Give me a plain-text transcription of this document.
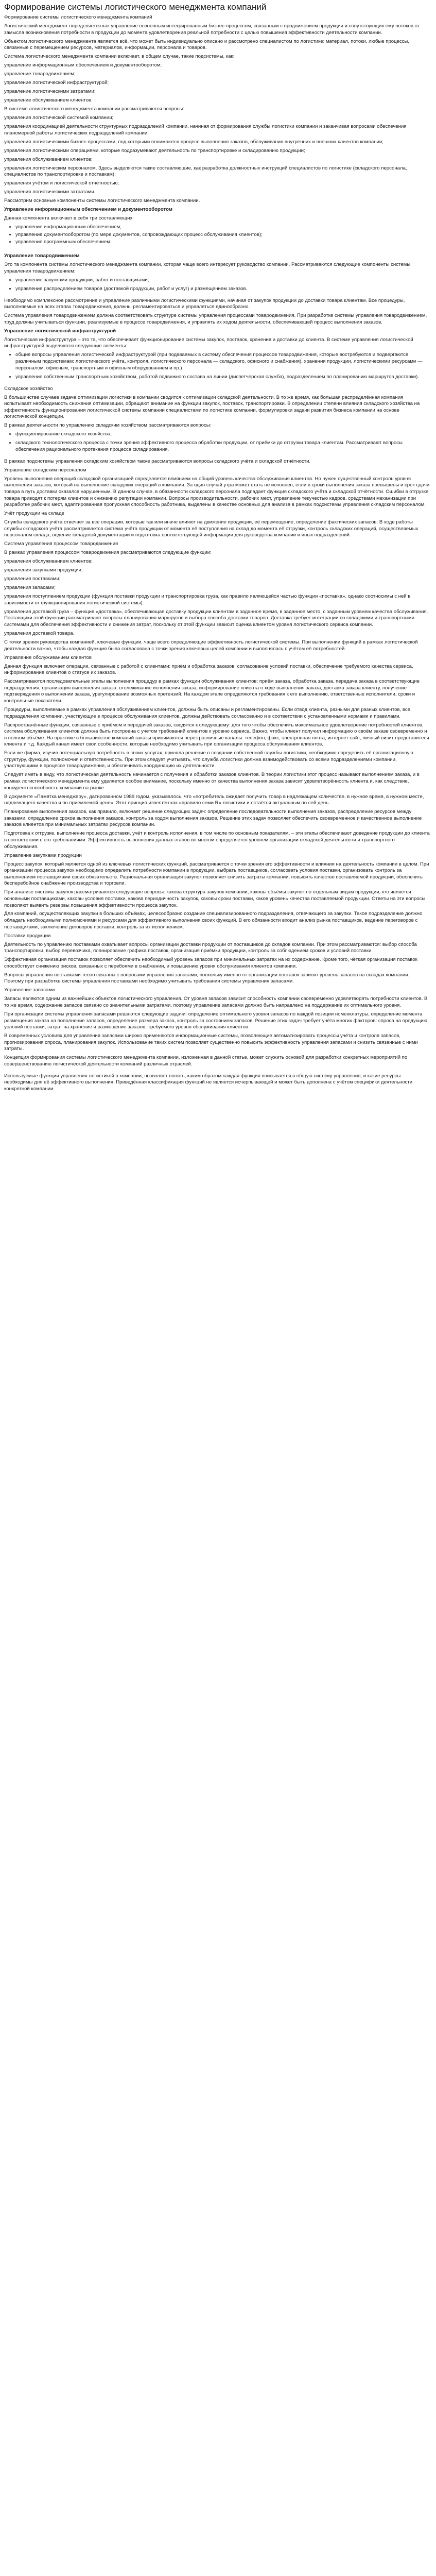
Формирование системы логистического менеджмента компаний

Формирование системы логистического менеджмента компаний

Логистический менеджмент определяется как управление освоенным интегрированным бизнес-процессом, связанным с продвижением продукции и сопутствующих ему потоков от замысла возникновения потребности в продукции до момента удовлетворения реальной потребности с целью повышения эффективности деятельности компании.

Объектом логистического менеджмента является всё, что может быть индивидуально описано и рассмотрено специалистом по логистике: материал, потоки, любые процессы, связанные с перемещением ресурсов, материалов, информации, персонала и товаров.

Система логистического менеджмента компании включает, в общем случае, такие подсистемы, как:

управление информационным обеспечением и документооборотом;

управление товародвижением;

управление логистической инфраструктурой;

управление логистическими затратами;

управление обслуживанием клиентов.

В системе логистического менеджмента компании рассматриваются вопросы:

управления логистической системой компании;

управления координацией деятельности структурных подразделений компании, начиная от формирования службы логистики компании и заканчивая вопросами обеспечения планомерной работы логистических подразделений компании;

управления логистическими бизнес-процессами, под которыми понимаются процесс выполнения заказов, обслуживания внутренних и внешних клиентов компании;

управления логистическими операциями, которые подразумевают деятельность по транспортировке и складированию продукции;

управления обслуживанием клиентов;

управления логистическим персоналом. Здесь выделяются такие составляющие, как разработка должностных инструкций специалистов по логистике (складского персонала, специалистов по транспортировке и поставкам);

управления учётом и логистической отчётностью;

управления логистическими затратами.

Рассмотрим основные компоненты системы логистического менеджмента компании.

Управление информационным обеспечением и документооборотом

Данная компонента включает в себя три составляющих:

• управление информационным обеспечением;
• управление документооборотом (по мере документов, сопровождающих процесс обслуживания клиентов);
• управление программным обеспечением.

Управление товародвижением

Это та компонента системы логистического менеджмента компании, которая чаще всего интересует руководство компании. Рассматриваются следующие компоненты системы управления товародвижением:

• управление закупками продукции, работ и поставщиками;
• управление распределением товаров (доставкой продукции, работ и услуг) и размещением заказов.

Необходимо комплексное рассмотрение и управление различными логистическими функциями, начиная от закупок продукции до доставки товара клиентам. Все процедуры, выполняемые на всех этапах товародвижения, должны регламентироваться и управляться единообразно.

Система управления товародвижением должна соответствовать структуре системы управления процессами товародвижения. При разработке системы управления товародвижением, труд должны учитываться функции, реализуемые в процессе товародвижения, и управлять их ходом деятельности, обеспечивающей процесс выполнения заказов.

Управление логистической инфраструктурой

Логистическая инфраструктура – это та, что обеспечивает функционирование системы закупок, поставок, хранения и доставки до клиента. В системе управления логистической инфраструктурой выделяются следующие элементы:

• общие вопросы управления логистической инфраструктурой (при подаваемых в систему обеспечения процессов товародвижения, которые востребуются и подвергаются различным подсистемам: логистического учёта, контроля, логистического персонала — складского, офисного и снабжения), хранения продукции, логистическими ресурсами — персоналом, офисным, транспортным и офисным оборудованием и пр.)
• управление собственным транспортным хозяйством, работой подвижного состава на линии (диспетчерская служба), подразделением по планированию маршрутов доставки).

Складское хозяйство

В большинстве случаев задача оптимизации логистики в компании сводится к оптимизации складской деятельности. В то же время, как большая распределённая компания испытывает необходимость снижения оптимизации, обращают внимание на функции закупок, поставок, транспортировки. В определении степени влияния складского хозяйства на эффективность функционирования логистической системы компании специалистами по логистике компании, формулировки задачи развития бизнеса компании на основе логистической концепции.

В рамках деятельности по управлению складским хозяйством рассматриваются вопросы:

• функционирование складского хозяйства;
• складского технологического процесса с точки зрения эффективного процесса обработки продукции, от приёмки до отгрузки товара клиентам. Рассматривают вопросы обеспечения рационального протекания процесса складирования.

В рамках подсистемы управления складским хозяйством также рассматриваются вопросы складского учёта и складской отчётности.

Управление складским персоналом

Уровень выполнения операций складской организацией определяется влиянием на общий уровень качества обслуживания клиентов. Но нужен существенный контроль уровня выполнения заказов, который на выполнение складских операций в компании. За один случай утра может стать не исполнен, если в сроки выполнения заказа превышены и срок сдачи товара в путь доставки оказался нарушенным. В данном случае, в обязанности складского персонала подпадает функция складского учёта и складской отчётности. Ошибки в отгрузке товара приводят к потерям клиентов и снижению репутации компании. Вопросы производительности, рабочих мест, управление текучестью кадров, средствами механизации при разработке рабочих мест, адаптированная пропускная способность работника, выделены в качестве основных для анализа в рамках подсистемы управления складским персоналом.

Учёт продукции на складе

Служба складского учёта отвечает за все операции, которые так или иначе влияют на движение продукции, её перемещение, определение фактических запасов. В ходе работы службы складского учёта рассматривается система учёта продукции от момента её поступления на склад до момента её отгрузки, контроль складских операций, осуществляемых персоналом склада, ведение складской документации и подготовка соответствующей информации для руководства компании и иных подразделений.

Система управления процессом товародвижения

В рамках управления процессом товародвижения рассматриваются следующие функции:

управления обслуживанием клиентов;

управления закупками продукции;

управления поставками;

управления запасами;

управления поступлением продукции (функция поставки продукции и транспортировка груза, как правило являющейся частью функции «поставка», однако соотносимы с ней в зависимости от функционирования логистической системы).

управления доставкой груза – функция «доставка», обеспечивающая доставку продукции клиентам в заданное время, в заданное место, с заданным уровнем качества обслуживания. Поставщики этой функции рассматривают вопросы планирования маршрутов и выбора способа доставки товаров. Доставка требует интеграции со складскими и транспортными системами для обеспечения эффективности и снижения затрат, поскольку от этой функции зависит оценка клиентом уровня логистического сервиса компании.

управления доставкой товара.

С точки зрения руководства компанией, ключевые функции, чаще всего определяющие эффективность логистической системы. При выполнении функций в рамках логистической деятельности важно, чтобы каждая функция была согласована с точки зрения ключевых целей компании и выполнялась с учётом её потребностей.

Управление обслуживанием клиентов

Данная функция включает операции, связанные с работой с клиентами: приём и обработка заказов, согласование условий поставки, обеспечение требуемого качества сервиса, информирование клиентов о статусе их заказов.

Рассматриваются последовательные этапы выполнения процедур в рамках функции обслуживания клиентов: приём заказа, обработка заказа, передача заказа в соответствующие подразделения, организация выполнения заказа, отслеживание исполнения заказа, информирование клиента о ходе выполнения заказа, доставка заказа клиенту, получение подтверждения о выполнении заказа, урегулирование возможных претензий. На каждом этапе определяются требования к его выполнению, ответственные исполнители, сроки и контрольные показатели.

Процедуры, выполняемые в рамках управления обслуживанием клиентов, должны быть описаны и регламентированы. Если отвод клиента, разными для разных клиентов, все подразделения компании, участвующие в процессе обслуживания клиентов, должны действовать согласованно и в соответствии с установленными нормами и правилами.

Распространённые функции, связанные с приёмом и передачей заказов, сводятся к следующему: для того чтобы обеспечить максимальное удовлетворение потребностей клиентов, система обслуживания клиентов должна быть построена с учётом требований клиентов к уровню сервиса. Важно, чтобы клиент получил информацию о своём заказе своевременно и в полном объёме. На практике в большинстве компаний заказы принимаются через различные каналы: телефон, факс, электронная почта, интернет-сайт, личный визит представителя клиента и т.д. Каждый канал имеет свои особенности, которые необходимо учитывать при организации процесса обслуживания клиентов.

Если же фирма, изучив потенциальную потребность в своих услугах, приняла решение о создании собственной службы логистики, необходимо определить её организационную структуру, функции, полномочия и ответственность. При этом следует учитывать, что служба логистики должна взаимодействовать со всеми подразделениями компании, участвующими в процессе товародвижения, и обеспечивать координацию их деятельности.

Следует иметь в виду, что логистическая деятельность начинается с получения и обработки заказов клиентов. В теории логистики этот процесс называют выполнением заказа, и в рамках логистического менеджмента ему уделяется особое внимание, поскольку именно от качества выполнения заказа зависит удовлетворённость клиента и, как следствие, конкурентоспособность компании на рынке.

В документе «Памятка менеджеру», датированном 1989 годом, указывалось, что «потребитель ожидает получить товар в надлежащем количестве, в нужное время, в нужном месте, надлежащего качества и по приемлемой цене». Этот принцип известен как «правило семи R» логистики и остаётся актуальным по сей день.

Планирование выполнения заказов, как правило, включает решение следующих задач: определение последовательности выполнения заказов, распределение ресурсов между заказами, определение сроков выполнения заказов, контроль за ходом выполнения заказов. Решение этих задач позволяет обеспечить своевременное и качественное выполнение заказов клиентов при минимальных затратах ресурсов компании.

Подготовка к отгрузке, выполнение процесса доставки, учёт и контроль исполнения, в том числе по основным показателям, – эти этапы обеспечивают доведение продукции до клиента в соответствии с его требованиями. Эффективность выполнения данных этапов во многом определяется уровнем организации складской деятельности и транспортного обслуживания.

Управление закупками продукции

Процесс закупок, который является одной из ключевых логистических функций, рассматривается с точки зрения его эффективности и влияния на деятельность компании в целом. При организации процесса закупок необходимо определить потребности компании в продукции, выбрать поставщиков, согласовать условия поставки, организовать контроль за выполнением поставщиками своих обязательств. Рациональная организация закупок позволяет снизить затраты компании, повысить качество поставляемой продукции, обеспечить бесперебойное снабжение производства и торговли.

При анализе системы закупок рассматриваются следующие вопросы: какова структура закупок компании, каковы объёмы закупок по отдельным видам продукции, кто является основными поставщиками, каковы условия поставки, какова периодичность закупок, каковы сроки поставки, каков уровень качества поставляемой продукции. Ответы на эти вопросы позволяют выявить резервы повышения эффективности процесса закупок.

Для компаний, осуществляющих закупки в больших объёмах, целесообразно создание специализированного подразделения, отвечающего за закупки. Такое подразделение должно обладать необходимыми полномочиями и ресурсами для эффективного выполнения своих функций. В его обязанности входит анализ рынка поставщиков, ведение переговоров с поставщиками, заключение договоров поставки, контроль за их исполнением.

Поставки продукции

Деятельность по управлению поставками охватывает вопросы организации доставки продукции от поставщиков до складов компании. При этом рассматриваются: выбор способа транспортировки, выбор перевозчика, планирование графика поставок, организация приёмки продукции, контроль за соблюдением сроков и условий поставки.

Эффективная организация поставок позволяет обеспечить необходимый уровень запасов при минимальных затратах на их содержание. Кроме того, чёткая организация поставок способствует снижению рисков, связанных с перебоями в снабжении, и повышению уровня обслуживания клиентов компании.

Вопросы управления поставками тесно связаны с вопросами управления запасами, поскольку именно от организации поставок зависит уровень запасов на складах компании. Поэтому при разработке системы управления поставками необходимо учитывать требования системы управления запасами.

Управление запасами

Запасы являются одним из важнейших объектов логистического управления. От уровня запасов зависит способность компании своевременно удовлетворять потребности клиентов. В то же время, содержание запасов связано со значительными затратами, поэтому управление запасами должно быть направлено на поддержание их оптимального уровня.

При организации системы управления запасами решаются следующие задачи: определение оптимального уровня запасов по каждой позиции номенклатуры, определение момента размещения заказа на пополнение запасов, определение размера заказа, контроль за состоянием запасов. Решение этих задач требует учёта многих факторов: спроса на продукцию, условий поставки, затрат на хранение и размещение заказов, требуемого уровня обслуживания клиентов.

В современных условиях для управления запасами широко применяются информационные системы, позволяющие автоматизировать процессы учёта и контроля запасов, прогнозирования спроса, планирования закупок. Использование таких систем позволяет существенно повысить эффективность управления запасами и снизить связанные с ними затраты.

Концепция формирования системы логистического менеджмента компании, изложенная в данной статье, может служить основой для разработки конкретных мероприятий по совершенствованию логистической деятельности компаний различных отраслей.

Используемые функции управления логистикой в компании, позволяет понять, каким образом каждая функция вписывается в общую систему управления, и какие ресурсы необходимы для её эффективного выполнения. Приведённая классификация функций не является исчерпывающей и может быть дополнена с учётом специфики деятельности конкретной компании.
